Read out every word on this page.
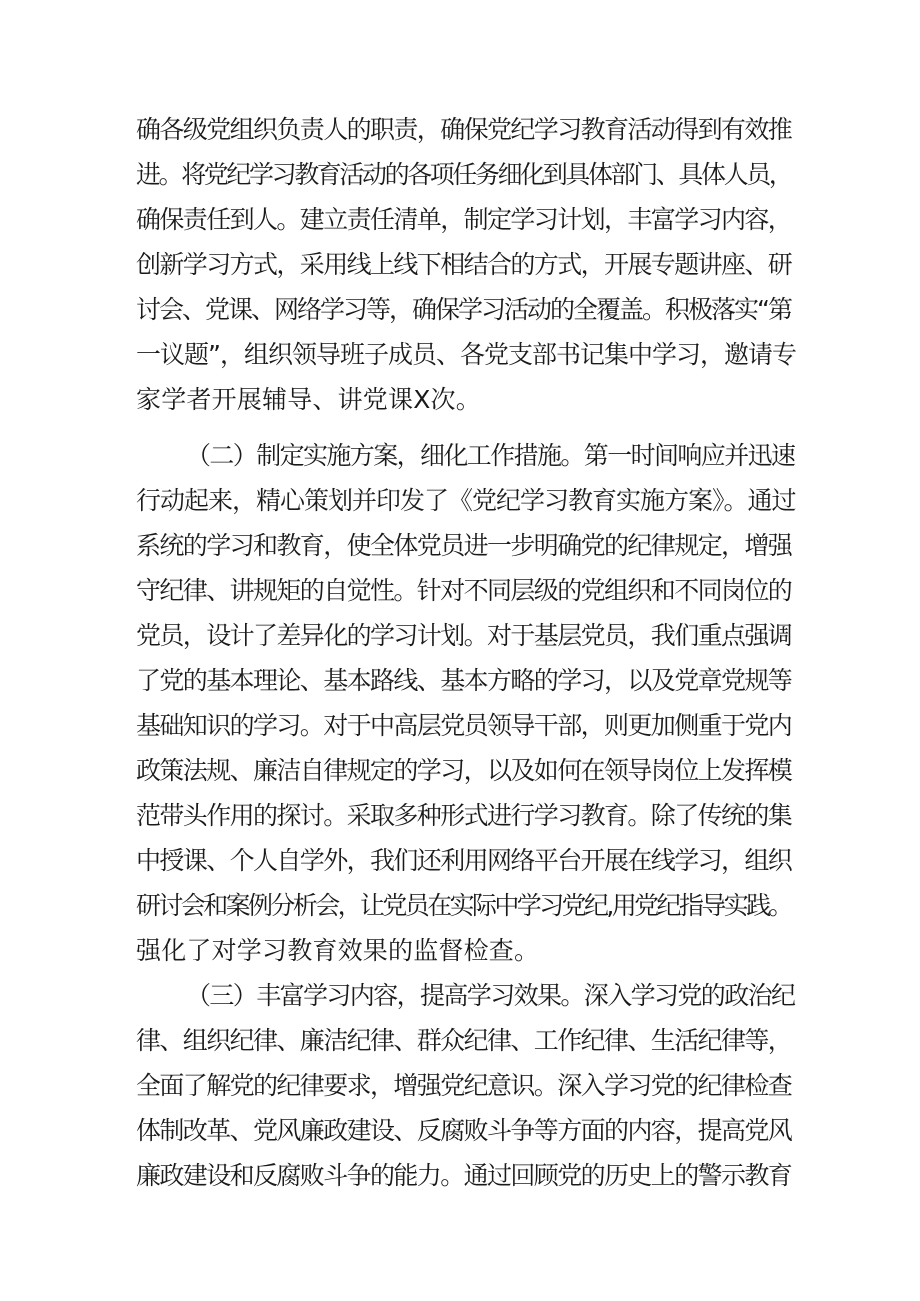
确各级党组织负责人的职责，确保党纪学习教育活动得到有效推
进。将党纪学习教育活动的各项任务细化到具体部门、具体人员，
确保责任到人。建立责任清单，制定学习计划，丰富学习内容，
创新学习方式，采用线上线下相结合的方式，开展专题讲座、研
讨会、党课、网络学习等，确保学习活动的全覆盖。积极落实“第
一议题”，组织领导班子成员、各党支部书记集中学习，邀请专
家学者开展辅导、讲党课X次。
（二）制定实施方案，细化工作措施。第一时间响应并迅速
行动起来，精心策划并印发了《党纪学习教育实施方案》。通过
系统的学习和教育，使全体党员进一步明确党的纪律规定，增强
守纪律、讲规矩的自觉性。针对不同层级的党组织和不同岗位的
党员，设计了差异化的学习计划。对于基层党员，我们重点强调
了党的基本理论、基本路线、基本方略的学习，以及党章党规等
基础知识的学习。对于中高层党员领导干部，则更加侧重于党内
政策法规、廉洁自律规定的学习，以及如何在领导岗位上发挥模
范带头作用的探讨。采取多种形式进行学习教育。除了传统的集
中授课、个人自学外，我们还利用网络平台开展在线学习，组织
研讨会和案例分析会，让党员在实际中学习党纪,用党纪指导实践。
强化了对学习教育效果的监督检查。
（三）丰富学习内容，提高学习效果。深入学习党的政治纪
律、组织纪律、廉洁纪律、群众纪律、工作纪律、生活纪律等，
全面了解党的纪律要求，增强党纪意识。深入学习党的纪律检查
体制改革、党风廉政建设、反腐败斗争等方面的内容，提高党风
廉政建设和反腐败斗争的能力。通过回顾党的历史上的警示教育
